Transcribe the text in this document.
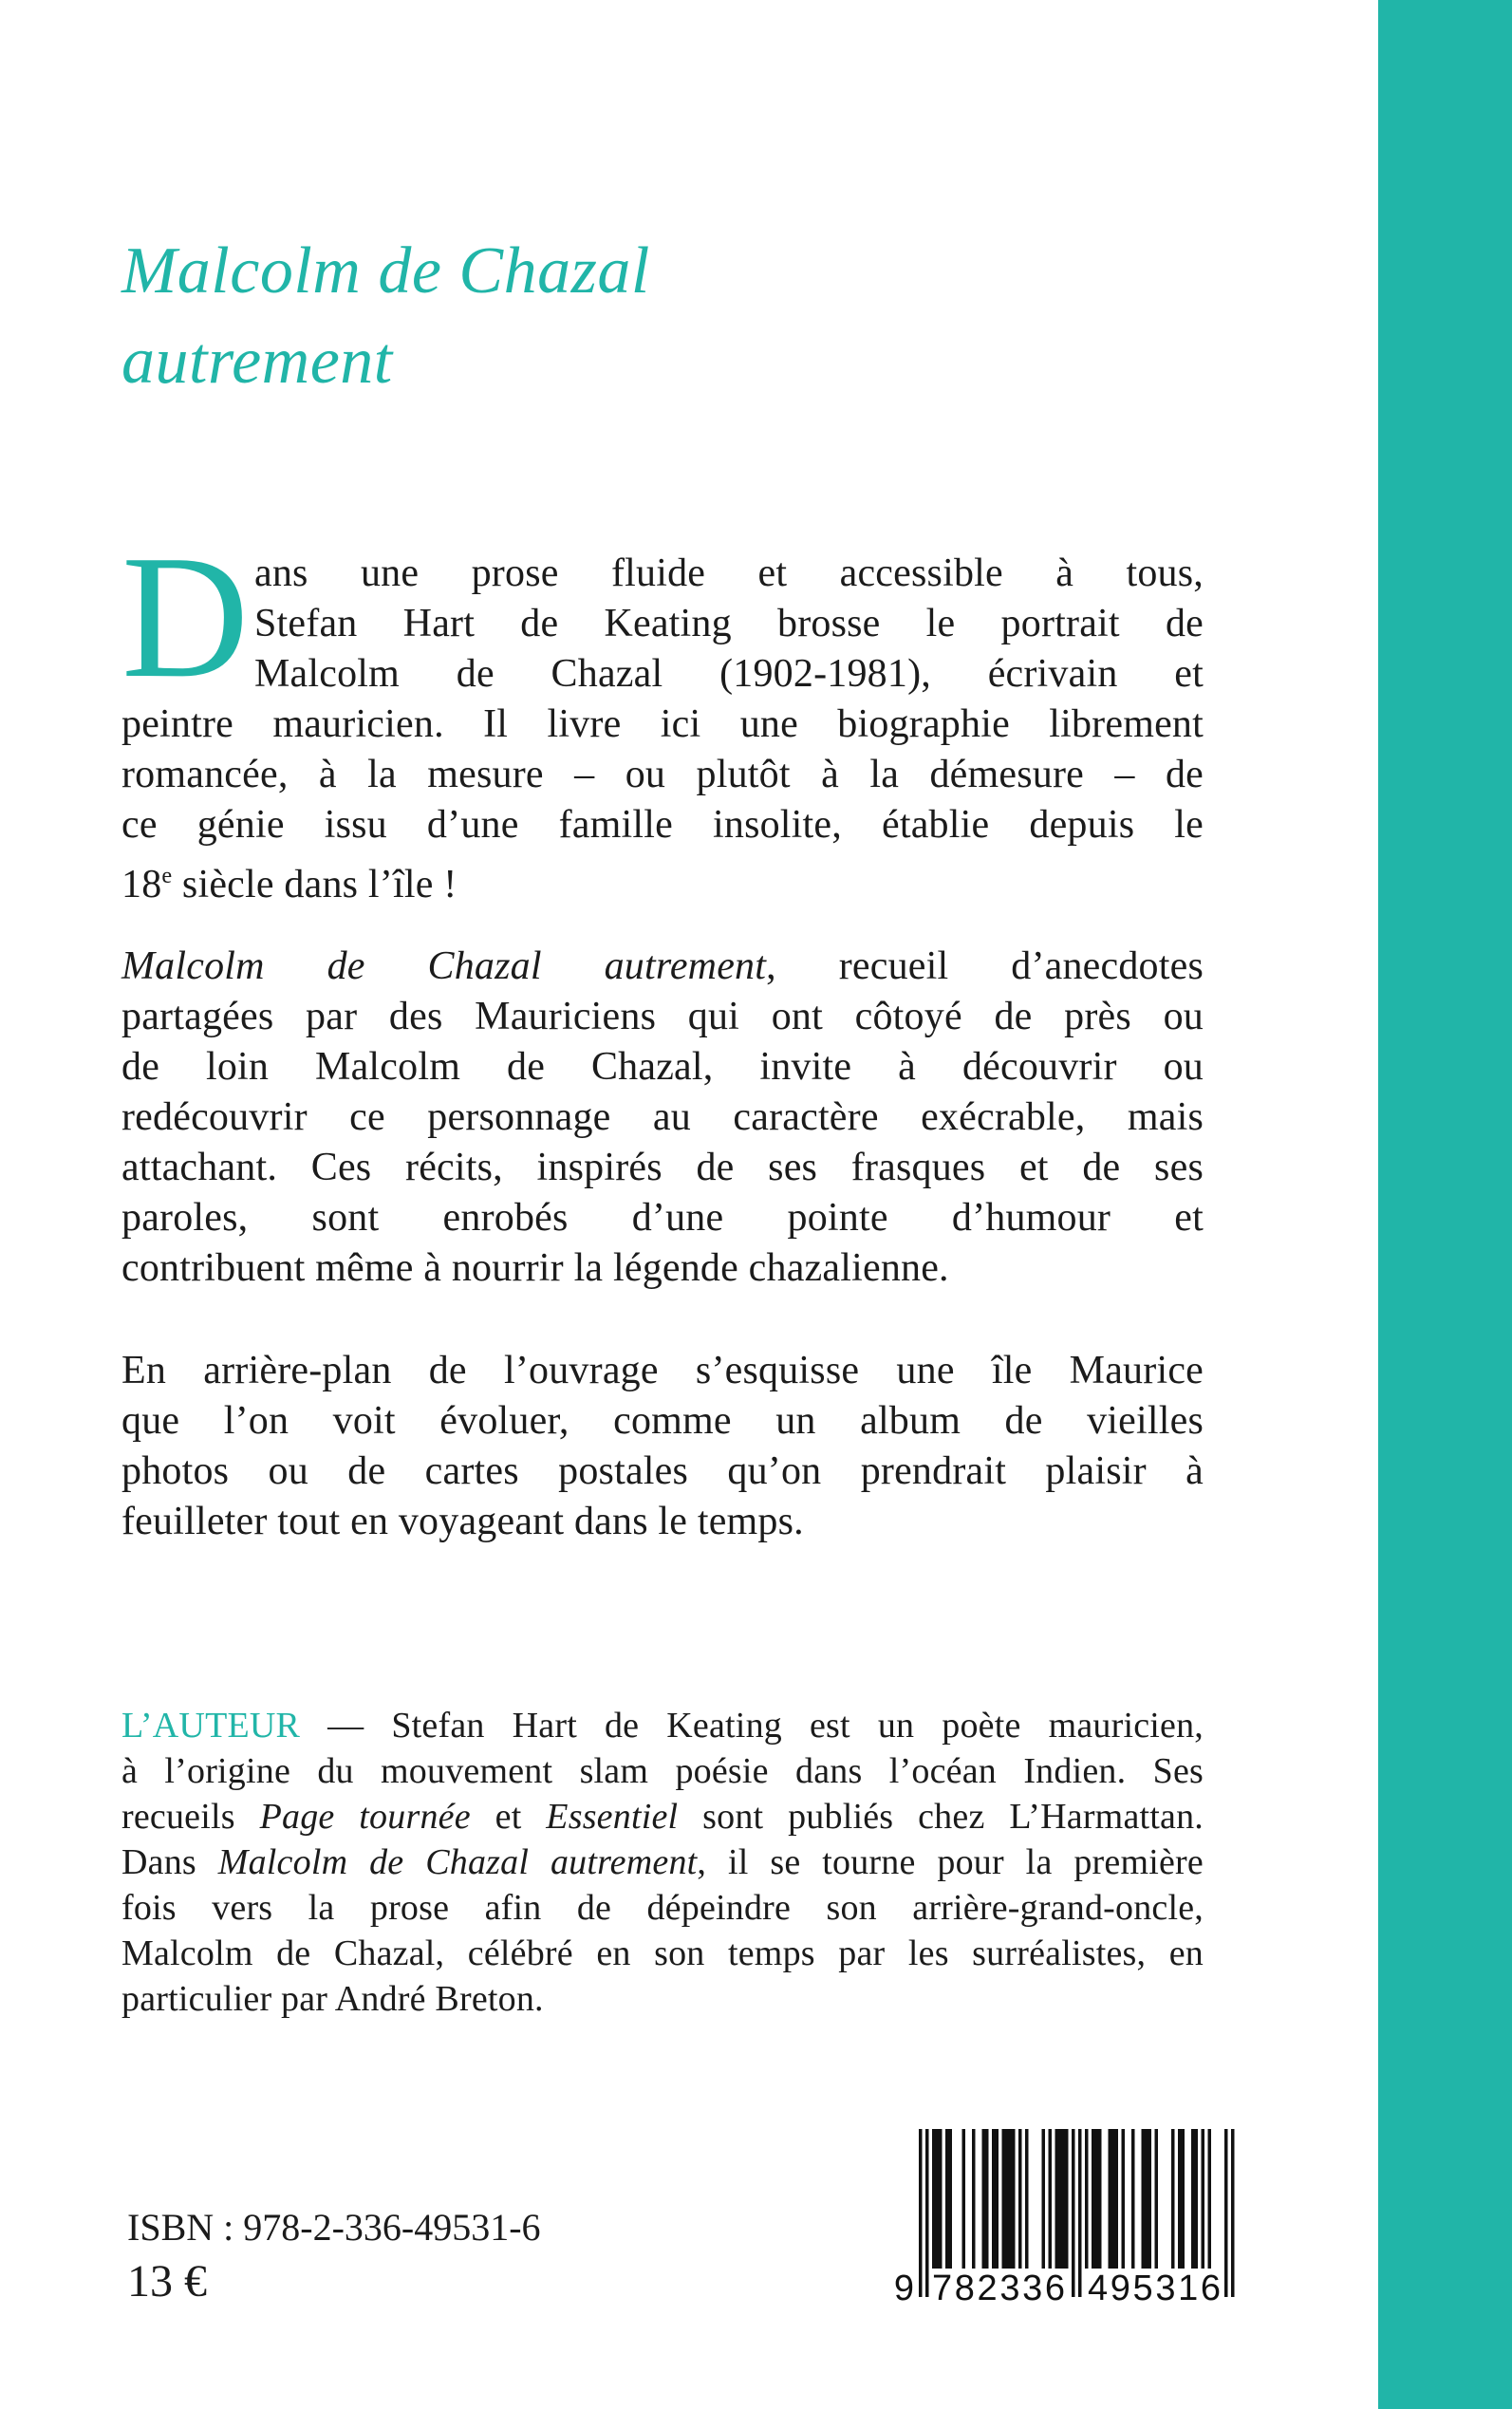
Malcolm de Chazal
autrement
D ans une prose fluide et accessible à tous,
Stefan Hart de Keating brosse le portrait de
Malcolm de Chazal (1902-1981), écrivain et
peintre mauricien. Il livre ici une biographie librement
romancée, à la mesure – ou plutôt à la démesure – de
ce génie issu d’une famille insolite, établie depuis le
18e siècle dans l’île !
Malcolm de Chazal autrement, recueil d’anecdotes
partagées par des Mauriciens qui ont côtoyé de près ou
de loin Malcolm de Chazal, invite à découvrir ou
redécouvrir ce personnage au caractère exécrable, mais
attachant. Ces récits, inspirés de ses frasques et de ses
paroles, sont enrobés d’une pointe d’humour et
contribuent même à nourrir la légende chazalienne.
En arrière-plan de l’ouvrage s’esquisse une île Maurice
que l’on voit évoluer, comme un album de vieilles
photos ou de cartes postales qu’on prendrait plaisir à
feuilleter tout en voyageant dans le temps.
L’AUTEUR — Stefan Hart de Keating est un poète mauricien,
à l’origine du mouvement slam poésie dans l’océan Indien. Ses
recueils Page tournée et Essentiel sont publiés chez L’Harmattan.
Dans Malcolm de Chazal autrement, il se tourne pour la première
fois vers la prose afin de dépeindre son arrière-grand-oncle,
Malcolm de Chazal, célébré en son temps par les surréalistes, en
particulier par André Breton.
ISBN : 978-2-336-49531-6
13 €	9 782336 495316
